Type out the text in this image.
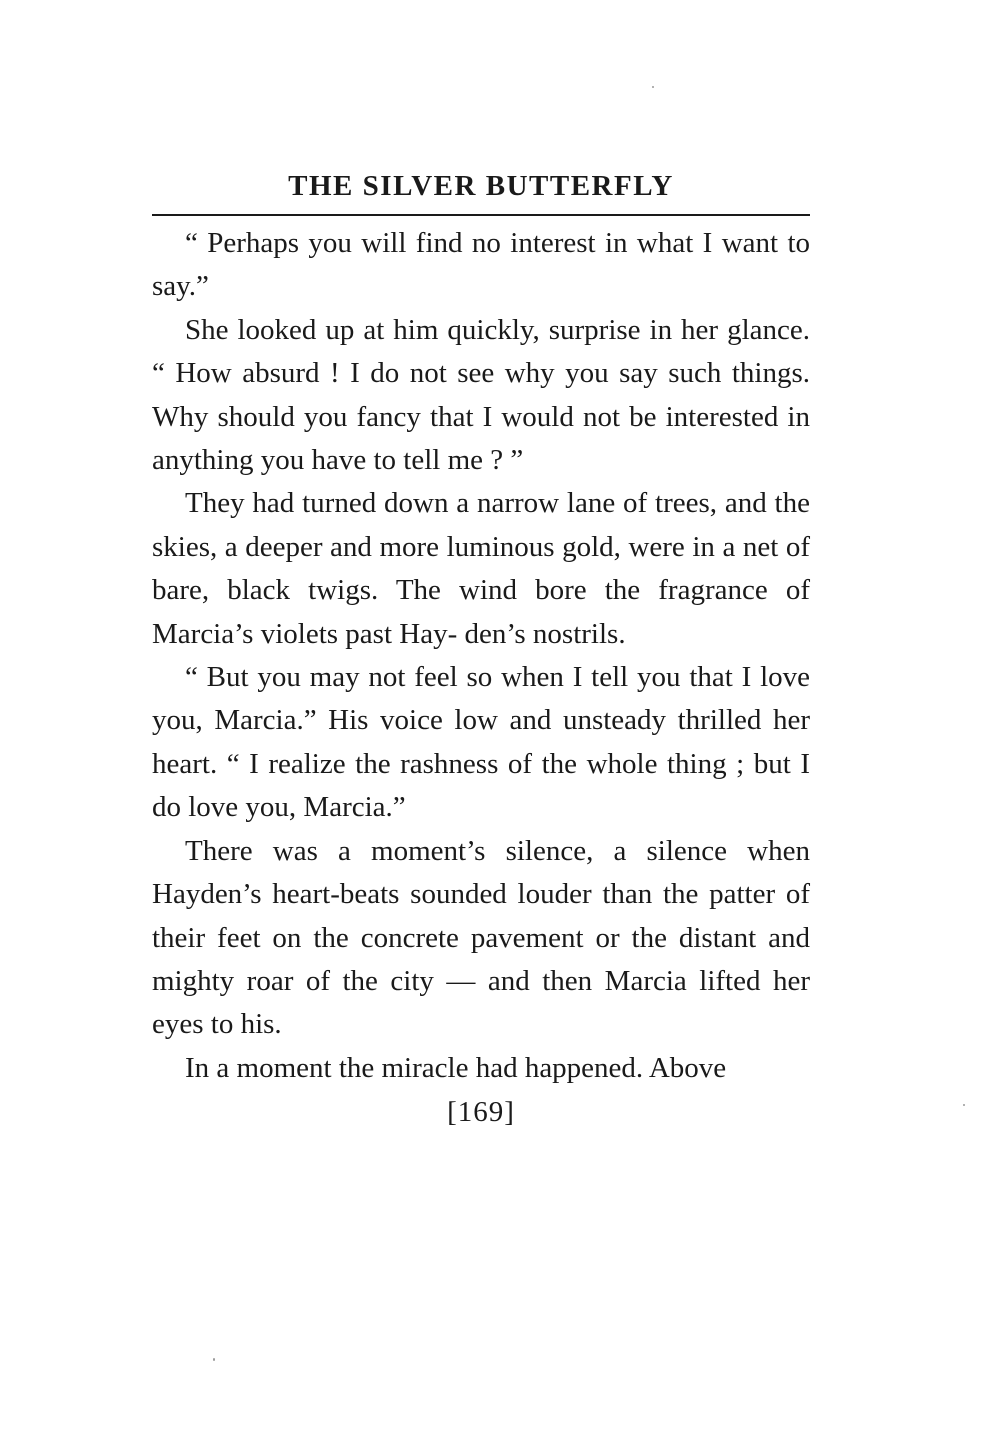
THE SILVER BUTTERFLY

“ Perhaps you will find no interest in what I want to say.”

She looked up at him quickly, surprise in her glance. “ How absurd ! I do not see why you say such things. Why should you fancy that I would not be interested in anything you have to tell me ? ”

They had turned down a narrow lane of trees, and the skies, a deeper and more luminous gold, were in a net of bare, black twigs. The wind bore the fragrance of Marcia’s violets past Hay- den’s nostrils.

“ But you may not feel so when I tell you that I love you, Marcia.” His voice low and unsteady thrilled her heart. “ I realize the rashness of the whole thing ; but I do love you, Marcia.”

There was a moment’s silence, a silence when Hayden’s heart-beats sounded louder than the patter of their feet on the concrete pavement or the distant and mighty roar of the city — and then Marcia lifted her eyes to his.

In a moment the miracle had happened. Above

[169]
